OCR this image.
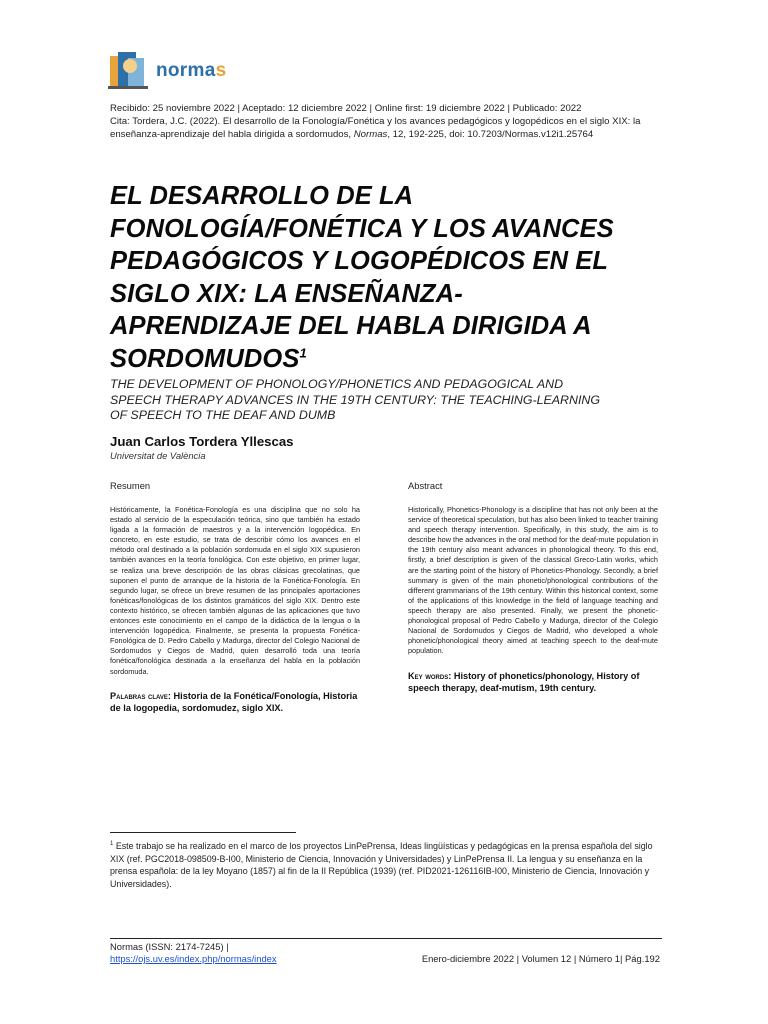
normas
Recibido: 25 noviembre 2022 | Aceptado: 12 diciembre 2022 | Online first: 19 diciembre 2022 | Publicado: 2022
Cita: Tordera, J.C. (2022). El desarrollo de la Fonología/Fonética y los avances pedagógicos y logopédicos en el siglo XIX: la
enseñanza-aprendizaje del habla dirigida a sordomudos, Normas, 12, 192-225, doi: 10.7203/Normas.v12i1.25764
EL DESARROLLO DE LA
FONOLOGÍA/FONÉTICA Y LOS AVANCES
PEDAGÓGICOS Y LOGOPÉDICOS EN EL
SIGLO XIX: LA ENSEÑANZA-
APRENDIZAJE DEL HABLA DIRIGIDA A
SORDOMUDOS$^1$
THE DEVELOPMENT OF PHONOLOGY/PHONETICS AND PEDAGOGICAL AND
SPEECH THERAPY ADVANCES IN THE 19TH CENTURY: THE TEACHING-LEARNING
OF SPEECH TO THE DEAF AND DUMB
Juan Carlos Tordera Yllescas
Universitat de València
Resumen	Abstract
Históricamente, la Fonética-Fonología es una disciplina que no solo ha estado al servicio de la especulación teórica, sino que también ha estado ligada a la formación de maestros y a la intervención logopédica. En concreto, en este estudio, se trata de describir cómo los avances en el método oral destinado a la población sordomuda en el siglo XIX supusieron también avances en la teoría fonológica. Con este objetivo, en primer lugar, se realiza una breve descripción de las obras clásicas grecolatinas, que suponen el punto de arranque de la historia de la Fonética-Fonología. En segundo lugar, se ofrece un breve resumen de las principales aportaciones fonéticas/fonológicas de los distintos gramáticos del siglo XIX. Dentro este contexto histórico, se ofrecen también algunas de las aplicaciones que tuvo entonces este conocimiento en el campo de la didáctica de la lengua o la intervención logopédica. Finalmente, se presenta la propuesta Fonética-Fonológica de D. Pedro Cabello y Madurga, director del Colegio Nacional de Sordomudos y Ciegos de Madrid, quien desarrolló toda una teoría fonética/fonológica destinada a la enseñanza del habla en la población sordomuda.
Historically, Phonetics-Phonology is a discipline that has not only been at the service of theoretical speculation, but has also been linked to teacher training and speech therapy intervention. Specifically, in this study, the aim is to describe how the advances in the oral method for the deaf-mute population in the 19th century also meant advances in phonological theory. To this end, firstly, a brief description is given of the classical Greco-Latin works, which are the starting point of the history of Phonetics-Phonology. Secondly, a brief summary is given of the main phonetic/phonological contributions of the different grammarians of the 19th century. Within this historical context, some of the applications of this knowledge in the field of language teaching and speech therapy are also presented. Finally, we present the phonetic-phonological proposal of Pedro Cabello y Madurga, director of the Colegio Nacional de Sordomudos y Ciegos de Madrid, who developed a whole phonetic/phonological theory aimed at teaching speech to the deaf-mute population.
Palabras clave: Historia de la Fonética/Fonología, Historia de la logopedia, sordomudez, siglo XIX.
Key words: History of phonetics/phonology, History of speech therapy, deaf-mutism, 19th century.
$^1$ Este trabajo se ha realizado en el marco de los proyectos LinPePrensa, Ideas lingüísticas y pedagógicas en la prensa española del siglo XIX (ref. PGC2018-098509-B-I00, Ministerio de Ciencia, Innovación y Universidades) y LinPePrensa II. La lengua y su enseñanza en la prensa española: de la ley Moyano (1857) al fin de la II República (1939) (ref. PID2021-126116IB-I00, Ministerio de Ciencia, Innovación y Universidades).
Normas (ISSN: 2174-7245) |
https://ojs.uv.es/index.php/normas/index	Enero-diciembre 2022 | Volumen 12 | Número 1| Pág.192
